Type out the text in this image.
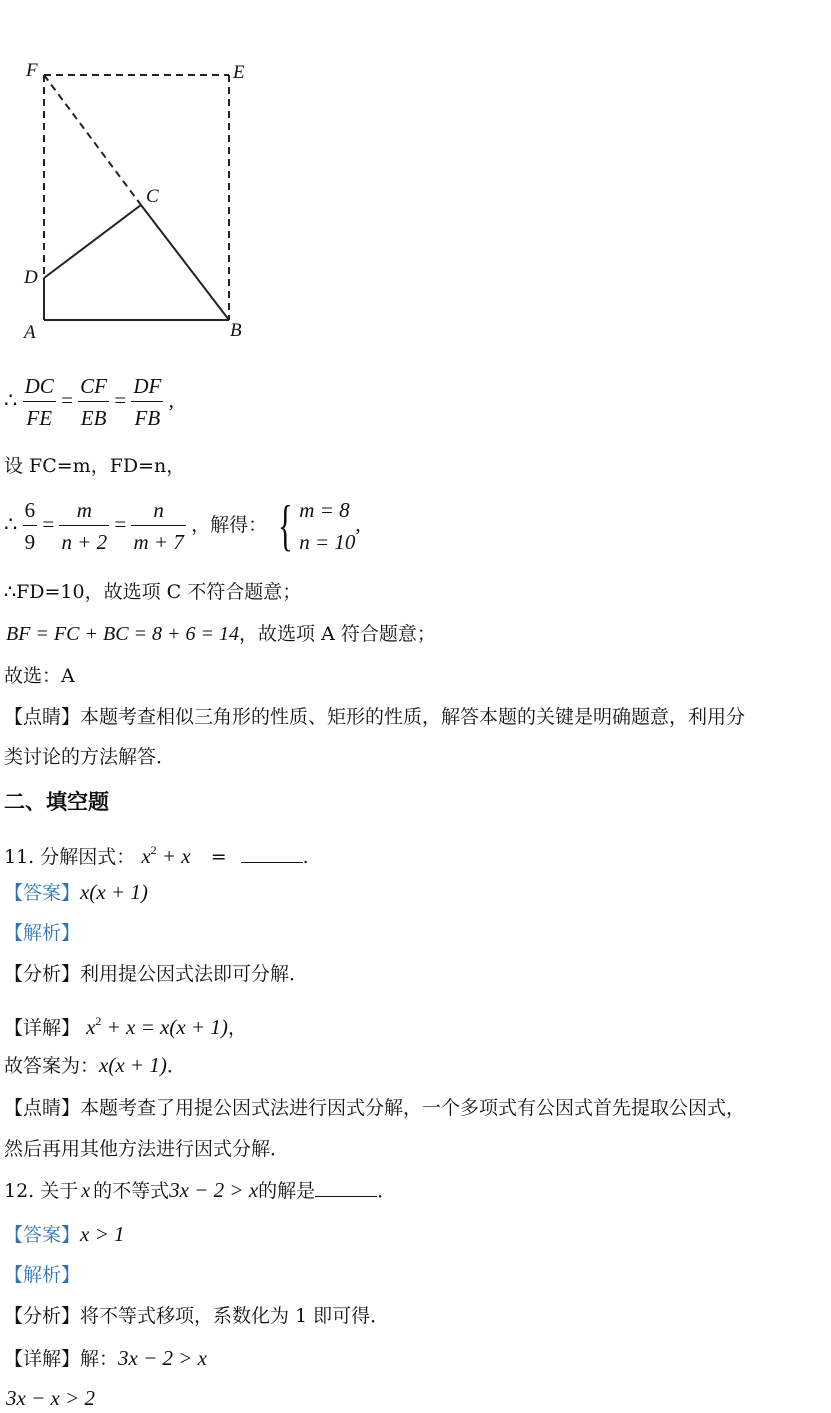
F	E
C
D
A	B
∴ $\frac{DC}{FE} = \frac{CF}{EB} = \frac{DF}{FB}$ ,
设 FC=m，FD=n，
∴ $\frac{6}{9} = \frac{m}{n + 2} = \frac{n}{m + 7}$ ，解得： { m = 8
n = 10
,
∴FD=10，故选项 C 不符合题意；
BF = FC + BC = 8 + 6 = 14，故选项 A 符合题意；
故选：A
【点睛】本题考查相似三角形的性质、矩形的性质，解答本题的关键是明确题意，利用分
类讨论的方法解答．
二、填空题
11. 分解因式： $x^2 + x$ =	.
【答案】x(x + 1)
【解析】
【分析】利用提公因式法即可分解．
【详解】 $x^2 + x = x(x + 1)$，
故答案为：x(x + 1)．
【点睛】本题考查了用提公因式法进行因式分解，一个多项式有公因式首先提取公因式，
然后再用其他方法进行因式分解．
12. 关于 x 的不等式3x − 2 > x的解是	．
【答案】x > 1
【解析】
【分析】将不等式移项，系数化为 1 即可得．
【详解】解：3x − 2 > x
3x − x > 2
